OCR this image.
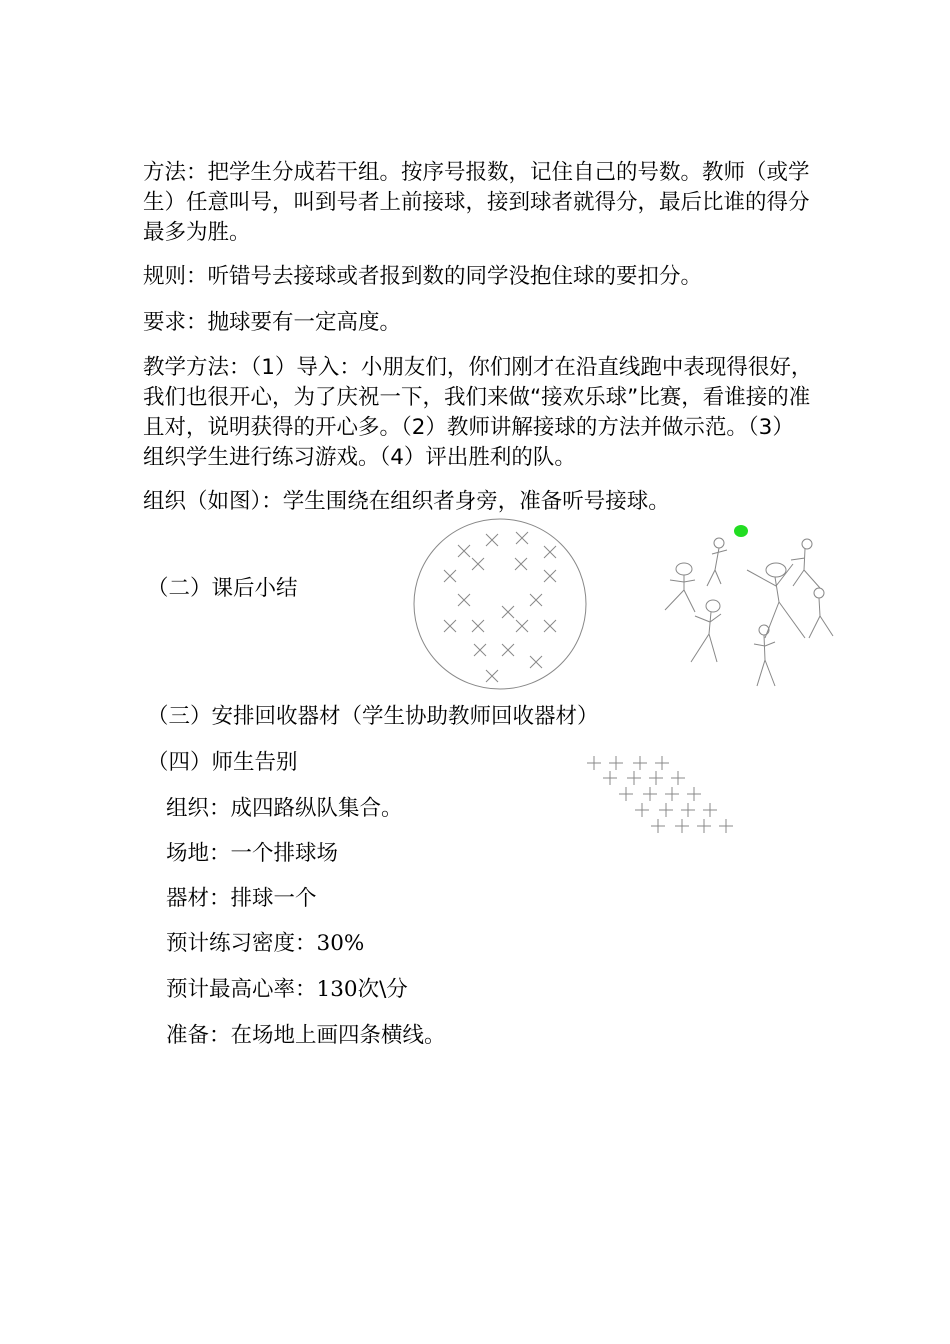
方法：把学生分成若干组。按序号报数，记住自己的号数。教师（或学生）任意叫号，叫到号者上前接球，接到球者就得分，最后比谁的得分最多为胜。

规则：听错号去接球或者报到数的同学没抱住球的要扣分。

要求：抛球要有一定高度。

教学方法：（1）导入：小朋友们，你们刚才在沿直线跑中表现得很好，我们也很开心，为了庆祝一下，我们来做“接欢乐球”比赛，看谁接的准且对，说明获得的开心多。（2）教师讲解接球的方法并做示范。（3）组织学生进行练习游戏。（4）评出胜利的队。

组织（如图）：学生围绕在组织者身旁，准备听号接球。

（二）课后小结
（三）安排回收器材（学生协助教师回收器材）
（四）师生告别
组织：成四路纵队集合。
场地：一个排球场
器材：排球一个
预计练习密度：30%
预计最高心率：130次\分
准备：在场地上画四条横线。
